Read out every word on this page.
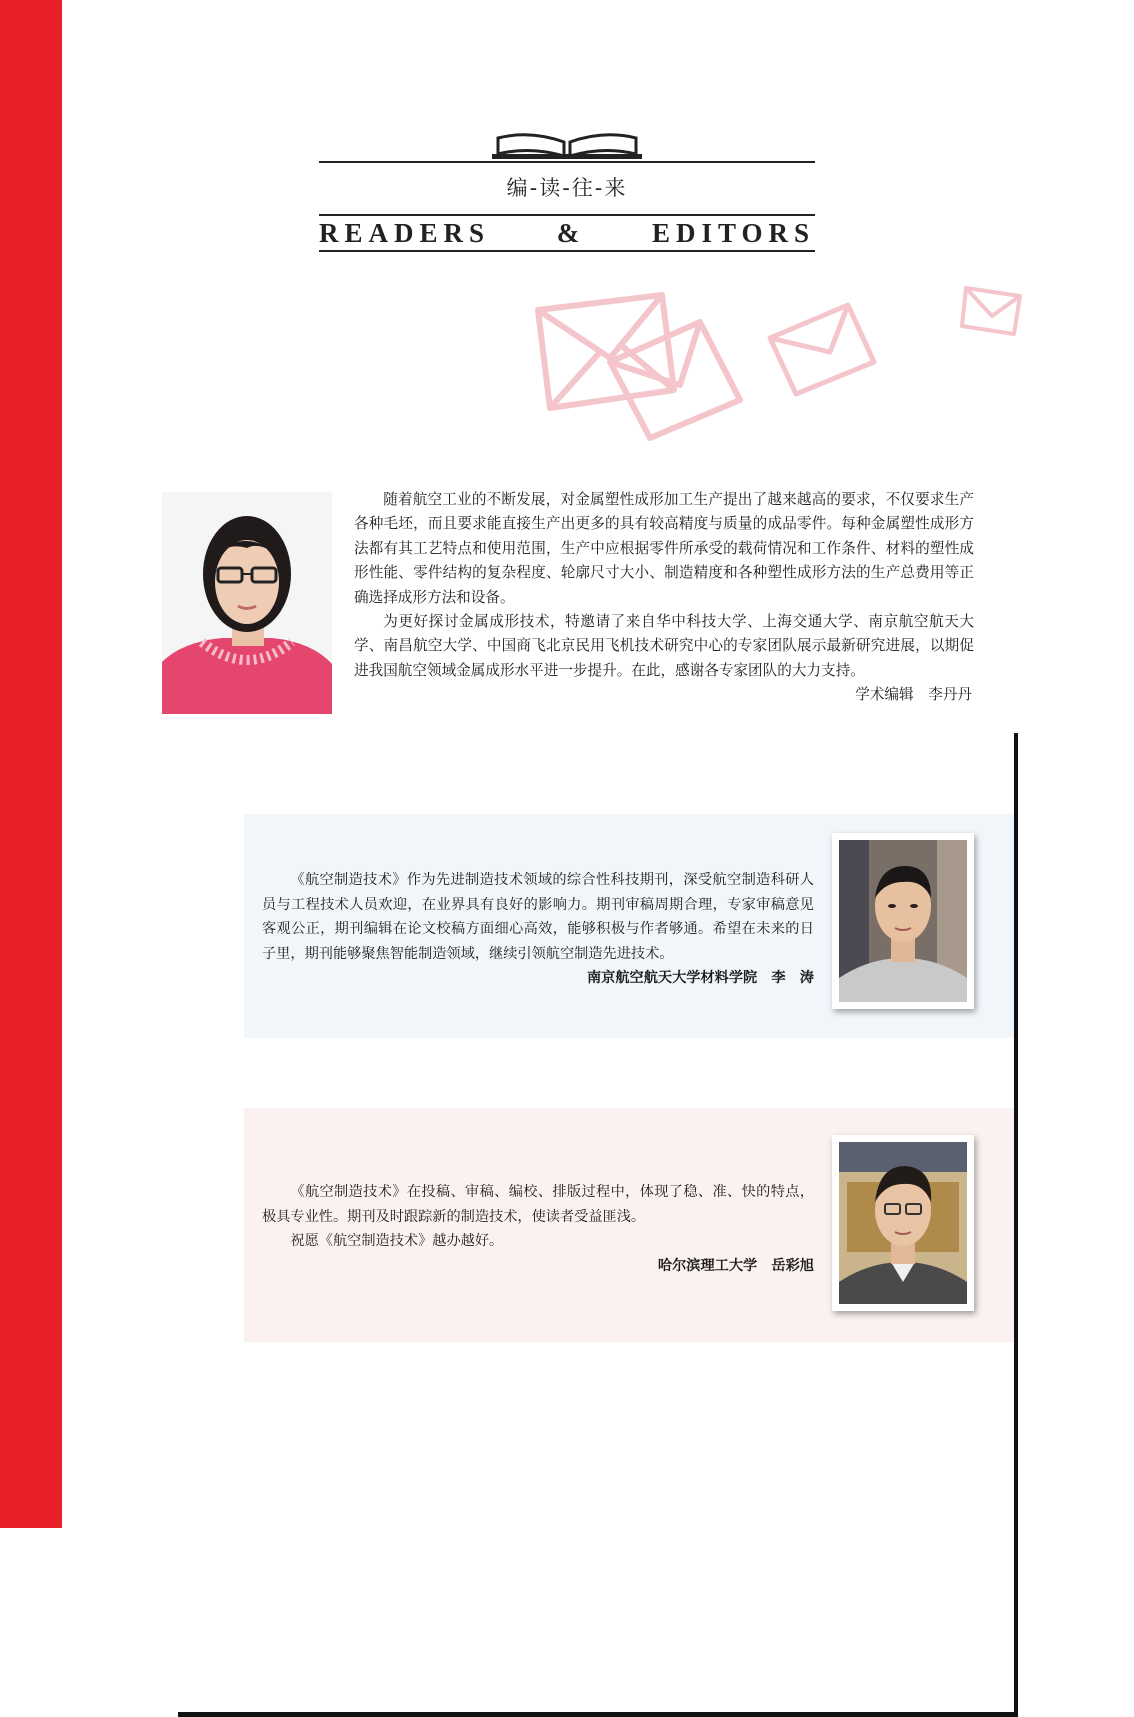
编-读-往-来
READERS & EDITORS

随着航空工业的不断发展，对金属塑性成形加工生产提出了越来越高的要求，不仅要求生产各种毛坯，而且要求能直接生产出更多的具有较高精度与质量的成品零件。每种金属塑性成形方法都有其工艺特点和使用范围，生产中应根据零件所承受的载荷情况和工作条件、材料的塑性成形性能、零件结构的复杂程度、轮廓尺寸大小、制造精度和各种塑性成形方法的生产总费用等正确选择成形方法和设备。

为更好探讨金属成形技术，特邀请了来自华中科技大学、上海交通大学、南京航空航天大学、南昌航空大学、中国商飞北京民用飞机技术研究中心的专家团队展示最新研究进展，以期促进我国航空领域金属成形水平进一步提升。在此，感谢各专家团队的大力支持。

学术编辑　李丹丹

《航空制造技术》作为先进制造技术领域的综合性科技期刊，深受航空制造科研人员与工程技术人员欢迎，在业界具有良好的影响力。期刊审稿周期合理，专家审稿意见客观公正，期刊编辑在论文校稿方面细心高效，能够积极与作者够通。希望在未来的日子里，期刊能够聚焦智能制造领域，继续引领航空制造先进技术。

南京航空航天大学材料学院　李　涛

《航空制造技术》在投稿、审稿、编校、排版过程中，体现了稳、准、快的特点，极具专业性。期刊及时跟踪新的制造技术，使读者受益匪浅。

祝愿《航空制造技术》越办越好。

哈尔滨理工大学　岳彩旭
